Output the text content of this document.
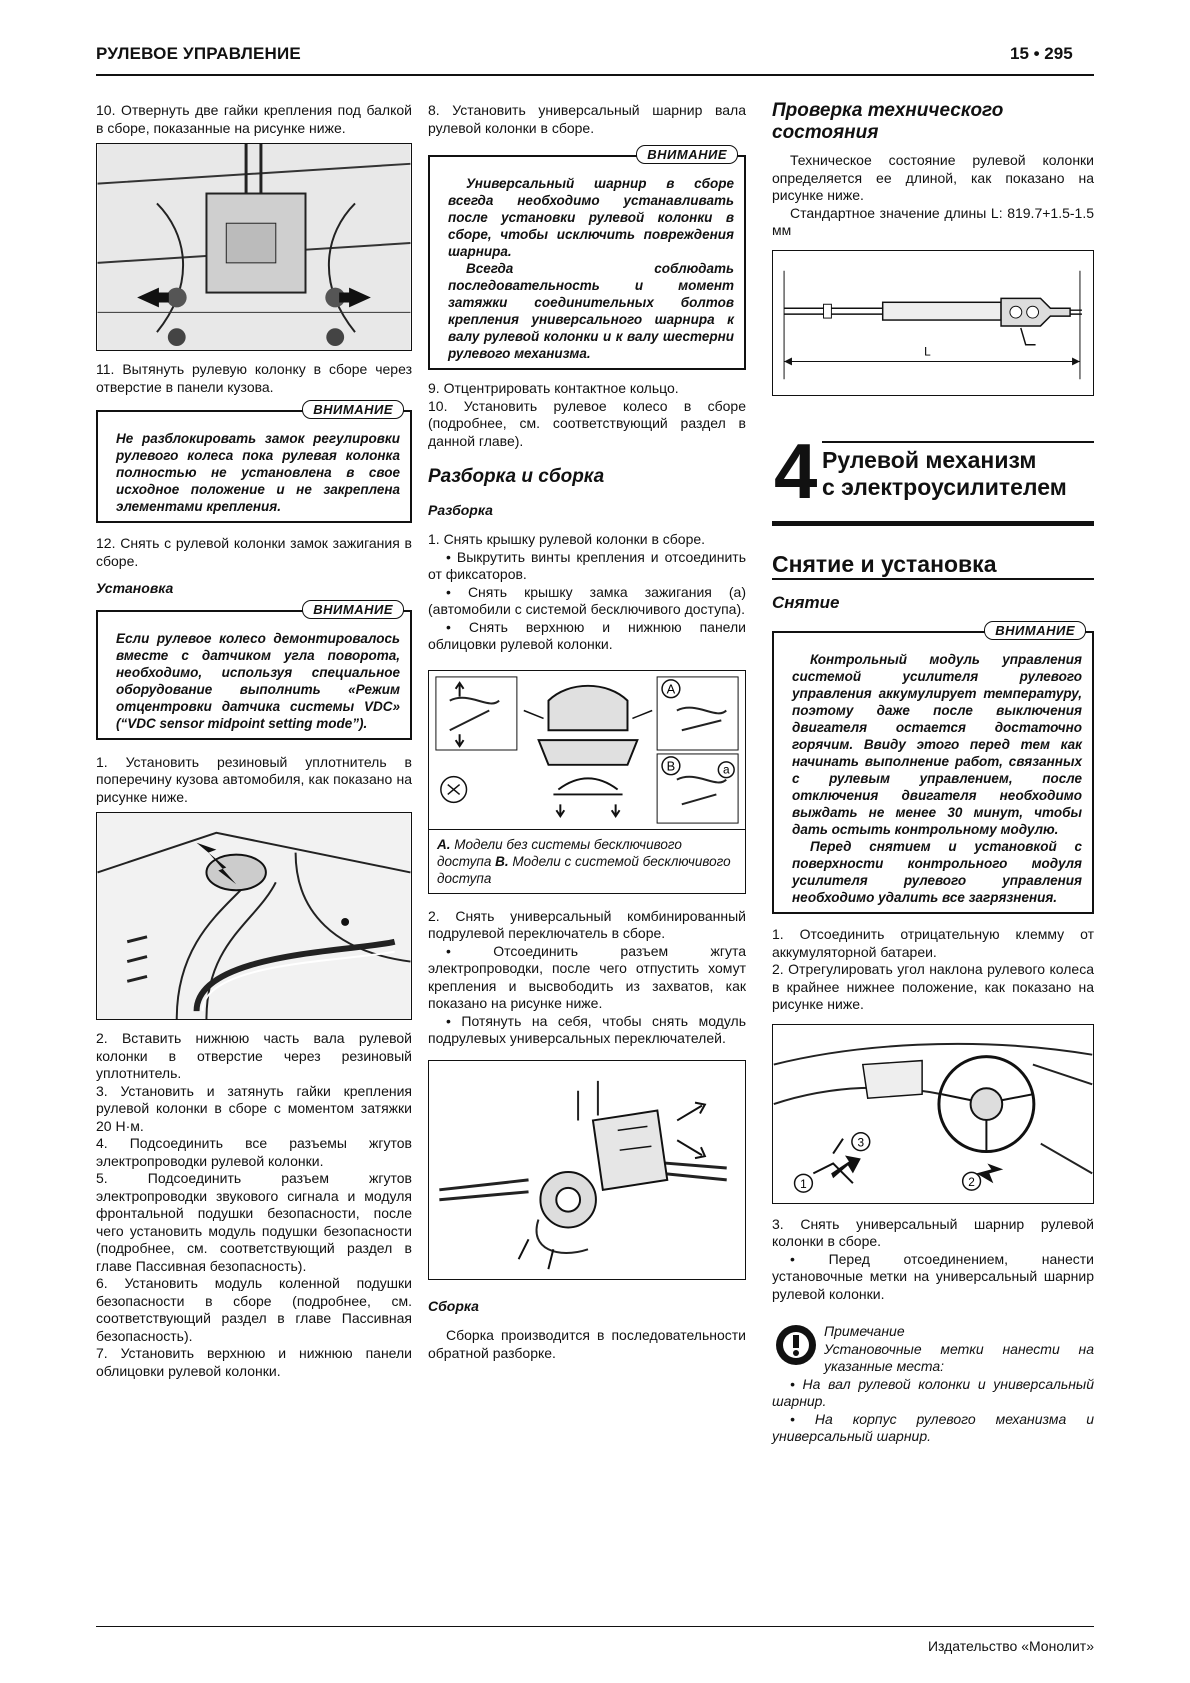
РУЛЕВОЕ УПРАВЛЕНИЕ	15 • 295

10. Отвернуть две гайки крепления под балкой в сборе, показанные на рисунке ниже.

11. Вытянуть рулевую колонку в сборе через отверстие в панели кузова.

ВНИМАНИЕ

Не разблокировать замок регулировки рулевого колеса пока рулевая колонка полностью не установлена в свое исходное положение и не закреплена элементами крепления.

12. Снять с рулевой колонки замок зажигания в сборе.

Установка

ВНИМАНИЕ

Если рулевое колесо демонтировалось вместе с датчиком угла поворота, необходимо, используя специальное оборудование выполнить «Режим отцентровки датчика системы VDC» (“VDC sensor midpoint setting mode”).

1. Установить резиновый уплотнитель в поперечину кузова автомобиля, как показано на рисунке ниже.

2. Вставить нижнюю часть вала рулевой колонки в отверстие через резиновый уплотнитель.

3. Установить и затянуть гайки крепления рулевой колонки в сборе с моментом затяжки 20 Н·м.

4. Подсоединить все разъемы жгутов электропроводки рулевой колонки.

5. Подсоединить разъем жгутов электропроводки звукового сигнала и модуля фронтальной подушки безопасности, после чего установить модуль подушки безопасности (подробнее, см. соответствующий раздел в главе Пассивная безопасность).

6. Установить модуль коленной подушки безопасности в сборе (подробнее, см. соответствующий раздел в главе Пассивная безопасность).

7. Установить верхнюю и нижнюю панели облицовки рулевой колонки.

8. Установить универсальный шарнир вала рулевой колонки в сборе.

ВНИМАНИЕ

Универсальный шарнир в сборе всегда необходимо устанавливать после установки рулевой колонки в сборе, чтобы исключить повреждения шарнира.

Всегда соблюдать последовательность и момент затяжки соединительных болтов крепления универсального шарнира к валу рулевой колонки и к валу шестерни рулевого механизма.

9. Отцентрировать контактное кольцо.

10. Установить рулевое колесо в сборе (подробнее, см. соответствующий раздел в данной главе).

Разборка и сборка

Разборка

1. Снять крышку рулевой колонки в сборе.

• Выкрутить винты крепления и отсоединить от фиксаторов.

• Снять крышку замка зажигания (а) (автомобили с системой бесключивого доступа).

• Снять верхнюю и нижнюю панели облицовки рулевой колонки.

A
B	a
А. Модели без системы бесключивого доступа В. Модели с системой бесключивого доступа

2. Снять универсальный комбинированный подрулевой переключатель в сборе.

• Отсоединить разъем жгута электропроводки, после чего отпустить хомут крепления и высвободить из захватов, как показано на рисунке ниже.

• Потянуть на себя, чтобы снять модуль подрулевых универсальных переключателей.

Сборка

Сборка производится в последовательности обратной разборке.

Проверка технического состояния

Техническое состояние рулевой колонки определяется ее длиной, как показано на рисунке ниже.

Стандартное значение длины L: 819.7+1.5-1.5 мм

L
4 Рулевой механизм
с электроусилителем
Снятие и установка

Снятие

ВНИМАНИЕ

Контрольный модуль управления системой усилителя рулевого управления аккумулирует температуру, поэтому даже после выключения двигателя остается достаточно горячим. Ввиду этого перед тем как начинать выполнение работ, связанных с рулевым управлением, после отключения двигателя необходимо выждать не менее 30 минут, чтобы дать остыть контрольному модулю.

Перед снятием и установкой с поверхности контрольного модуля усилителя рулевого управления необходимо удалить все загрязнения.

1. Отсоединить отрицательную клемму от аккумуляторной батареи.

2. Отрегулировать угол наклона рулевого колеса в крайнее нижнее положение, как показано на рисунке ниже.

1	2
3

3. Снять универсальный шарнир рулевой колонки в сборе.

• Перед отсоединением, нанести установочные метки на универсальный шарнир рулевой колонки.

Примечание

Установочные метки нанести на указанные места:

• На вал рулевой колонки и универсальный шарнир.

• На корпус рулевого механизма и универсальный шарнир.

Издательство «Монолит»
